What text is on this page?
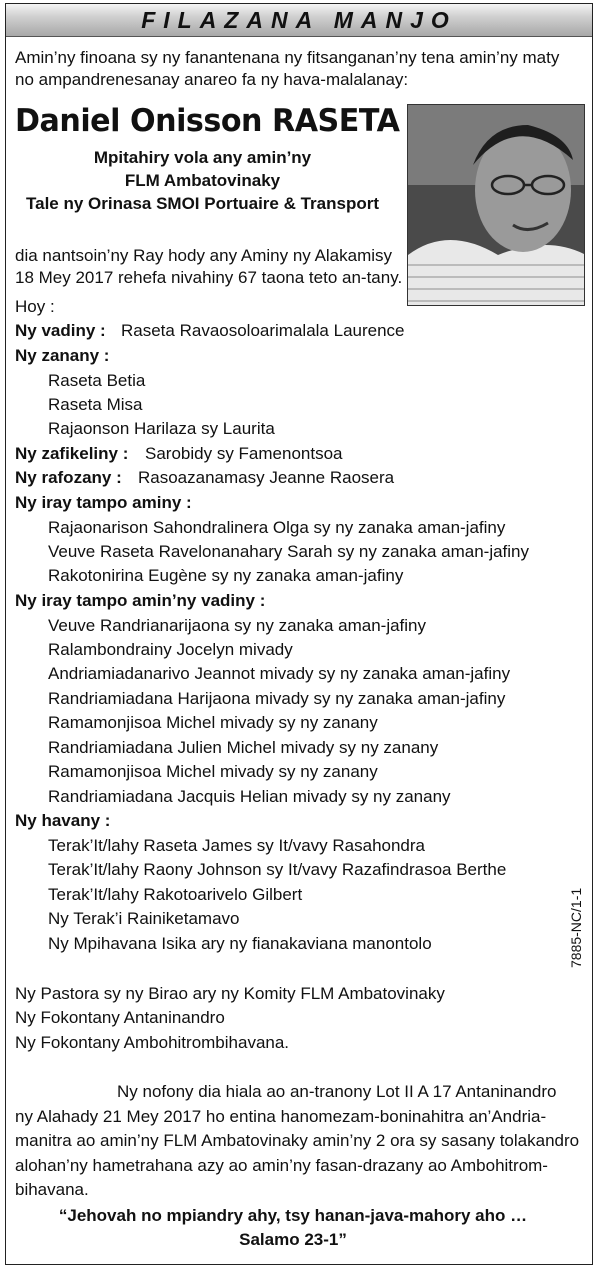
FILAZANA MANJO
Amin’ny finoana sy ny fanantenana ny fitsanganan’ny tena amin’ny maty
no ampandrenesanay anareo fa ny hava-malalanay:
Daniel Onisson RASETA
Mpitahiry vola any amin’ny
FLM Ambatovinaky
Tale ny Orinasa SMOI Portuaire & Transport
dia nantsoin’ny Ray hody any Aminy ny Alakamisy
18 Mey 2017 rehefa nivahiny 67 taona teto an-tany.
Hoy :
Ny vadiny : Raseta Ravaosoloarimalala Laurence
Ny zanany :
Raseta Betia
Raseta Misa
Rajaonson Harilaza sy Laurita
Ny zafikeliny : Sarobidy sy Famenontsoa
Ny rafozany : Rasoazanamasy Jeanne Raosera
Ny iray tampo aminy :
Rajaonarison Sahondralinera Olga sy ny zanaka aman-jafiny
Veuve Raseta Ravelonanahary Sarah sy ny zanaka aman-jafiny
Rakotonirina Eugène sy ny zanaka aman-jafiny
Ny iray tampo amin’ny vadiny :
Veuve Randrianarijaona sy ny zanaka aman-jafiny
Ralambondrainy Jocelyn mivady
Andriamiadanarivo Jeannot mivady sy ny zanaka aman-jafiny
Randriamiadana Harijaona mivady sy ny zanaka aman-jafiny
Ramamonjisoa Michel mivady sy ny zanany
Randriamiadana Julien Michel mivady sy ny zanany
Ramamonjisoa Michel mivady sy ny zanany
Randriamiadana Jacquis Helian mivady sy ny zanany
Ny havany :
Terak’It/lahy Raseta James sy It/vavy Rasahondra
Terak’It/lahy Raony Johnson sy It/vavy Razafindrasoa Berthe
Terak’It/lahy Rakotoarivelo Gilbert
Ny Terak’i Rainiketamavo
Ny Mpihavana Isika ary ny fianakaviana manontolo	7885-NC/1-1
Ny Pastora sy ny Birao ary ny Komity FLM Ambatovinaky
Ny Fokontany Antaninandro
Ny Fokontany Ambohitrombihavana.
Ny nofony dia hiala ao an-tranony Lot II A 17 Antaninandro
ny Alahady 21 Mey 2017 ho entina hanomezam-boninahitra an’Andria-
manitra ao amin’ny FLM Ambatovinaky amin’ny 2 ora sy sasany tolakandro
alohan’ny hametrahana azy ao amin’ny fasan-drazany ao Ambohitrom-
bihavana.
“Jehovah no mpiandry ahy, tsy hanan-java-mahory aho …
Salamo 23-1”
